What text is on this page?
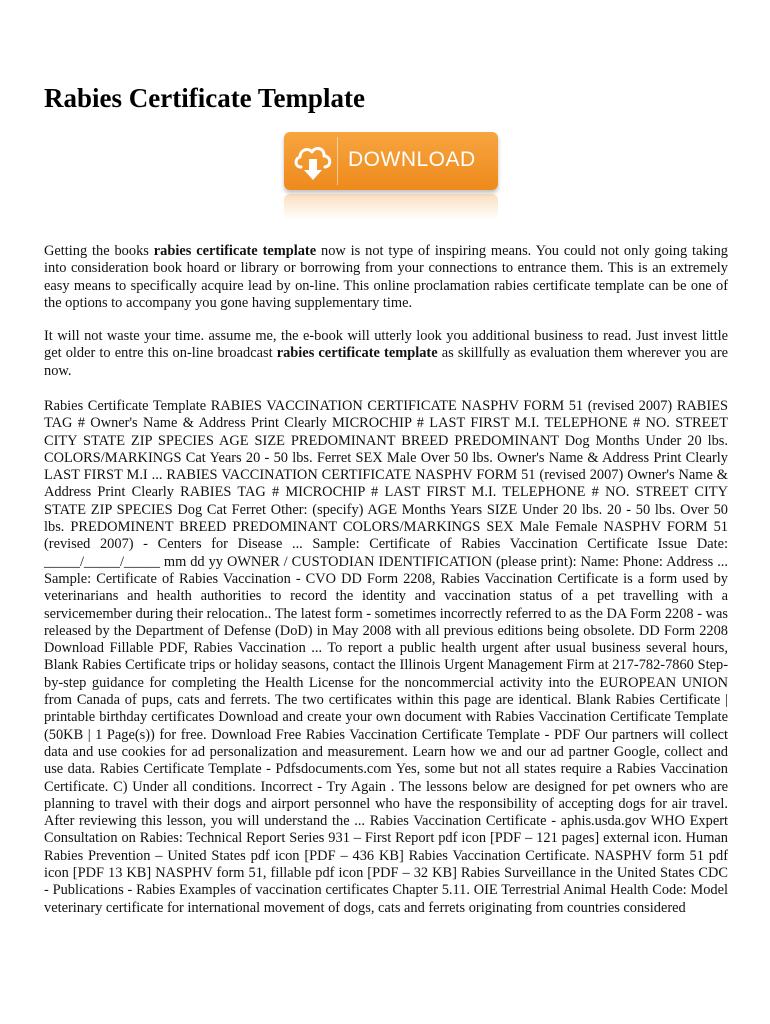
Rabies Certificate Template
DOWNLOAD

Getting the books rabies certificate template now is not type of inspiring means. You could not only going taking into consideration book hoard or library or borrowing from your connections to entrance them. This is an extremely easy means to specifically acquire lead by on-line. This online proclamation rabies certificate template can be one of the options to accompany you gone having supplementary time.

It will not waste your time. assume me, the e-book will utterly look you additional business to read. Just invest little get older to entre this on-line broadcast rabies certificate template as skillfully as evaluation them wherever you are now.

Rabies Certificate Template RABIES VACCINATION CERTIFICATE NASPHV FORM 51 (revised 2007) RABIES TAG # Owner's Name & Address Print Clearly MICROCHIP # LAST FIRST M.I. TELEPHONE # NO. STREET CITY STATE ZIP SPECIES AGE SIZE PREDOMINANT BREED PREDOMINANT Dog Months Under 20 lbs. COLORS/MARKINGS Cat Years 20 - 50 lbs. Ferret SEX Male Over 50 lbs. Owner's Name & Address Print Clearly LAST FIRST M.I ... RABIES VACCINATION CERTIFICATE NASPHV FORM 51 (revised 2007) Owner's Name & Address Print Clearly RABIES TAG # MICROCHIP # LAST FIRST M.I. TELEPHONE # NO. STREET CITY STATE ZIP SPECIES Dog Cat Ferret Other: (specify) AGE Months Years SIZE Under 20 lbs. 20 - 50 lbs. Over 50 lbs. PREDOMINENT BREED PREDOMINANT COLORS/MARKINGS SEX Male Female NASPHV FORM 51 (revised 2007) - Centers for Disease ... Sample: Certificate of Rabies Vaccination Certificate Issue Date: _____/_____/_____ mm dd yy OWNER / CUSTODIAN IDENTIFICATION (please print): Name: Phone: Address ... Sample: Certificate of Rabies Vaccination - CVO DD Form 2208, Rabies Vaccination Certificate is a form used by veterinarians and health authorities to record the identity and vaccination status of a pet travelling with a servicemember during their relocation.. The latest form - sometimes incorrectly referred to as the DA Form 2208 - was released by the Department of Defense (DoD) in May 2008 with all previous editions being obsolete. DD Form 2208 Download Fillable PDF, Rabies Vaccination ... To report a public health urgent after usual business several hours, Blank Rabies Certificate trips or holiday seasons, contact the Illinois Urgent Management Firm at 217-782-7860 Step-by-step guidance for completing the Health License for the noncommercial activity into the EUROPEAN UNION from Canada of pups, cats and ferrets. The two certificates within this page are identical. Blank Rabies Certificate | printable birthday certificates Download and create your own document with Rabies Vaccination Certificate Template (50KB | 1 Page(s)) for free. Download Free Rabies Vaccination Certificate Template - PDF Our partners will collect data and use cookies for ad personalization and measurement. Learn how we and our ad partner Google, collect and use data. Rabies Certificate Template - Pdfsdocuments.com Yes, some but not all states require a Rabies Vaccination Certificate. C) Under all conditions. Incorrect - Try Again . The lessons below are designed for pet owners who are planning to travel with their dogs and airport personnel who have the responsibility of accepting dogs for air travel. After reviewing this lesson, you will understand the ... Rabies Vaccination Certificate - aphis.usda.gov WHO Expert Consultation on Rabies: Technical Report Series 931 – First Report pdf icon [PDF – 121 pages] external icon. Human Rabies Prevention – United States pdf icon [PDF – 436 KB] Rabies Vaccination Certificate. NASPHV form 51 pdf icon [PDF 13 KB] NASPHV form 51, fillable pdf icon [PDF – 32 KB] Rabies Surveillance in the United States CDC - Publications - Rabies Examples of vaccination certificates Chapter 5.11. OIE Terrestrial Animal Health Code: Model veterinary certificate for international movement of dogs, cats and ferrets originating from countries considered
